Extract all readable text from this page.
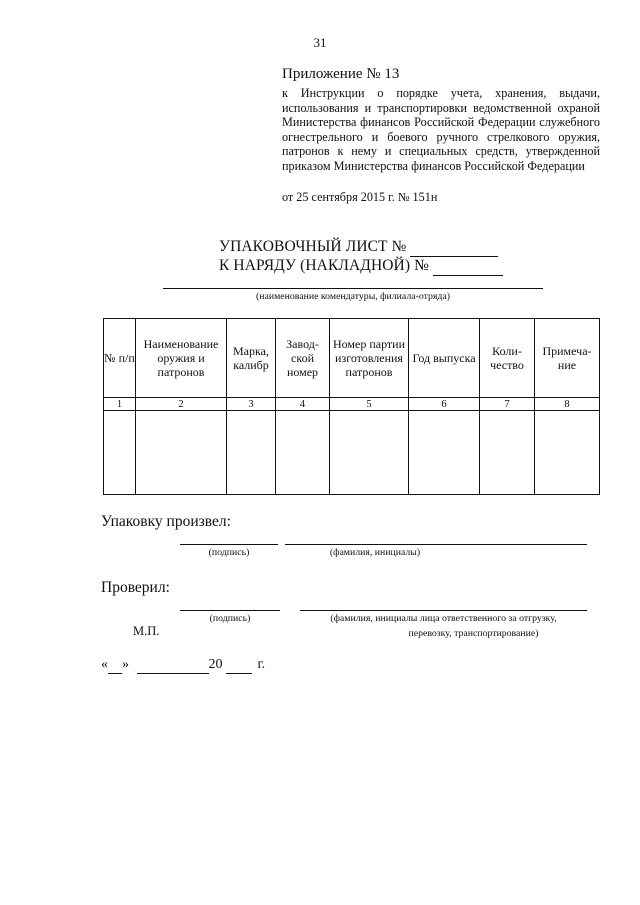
31
Приложение № 13
к Инструкции о порядке учета, хранения, выдачи, использования и транспортировки ведомственной охраной Министерства финансов Российской Федерации служебного огнестрельного и боевого ручного стрелкового оружия, патронов к нему и специальных средств, утвержденной приказом Министерства финансов Российской Федерации
от 25 сентября 2015 г. № 151н
УПАКОВОЧНЫЙ ЛИСТ №
К НАРЯДУ (НАКЛАДНОЙ) №
(наименование комендатуры, филиала-отряда)
№ п/п	Наименование оружия и патронов	Марка, калибр	Завод- ской номер	Номер партии изготовления патронов	Год выпуска	Коли- чество	Примеча- ние
1	2	3	4	5	6	7	8

Упаковку произвел:
(подпись)	(фамилия, инициалы)
Проверил:
(подпись)	(фамилия, инициалы лица ответственного за отгрузку,
перевозку, транспортирование)
М.П.
« »	20	г.
